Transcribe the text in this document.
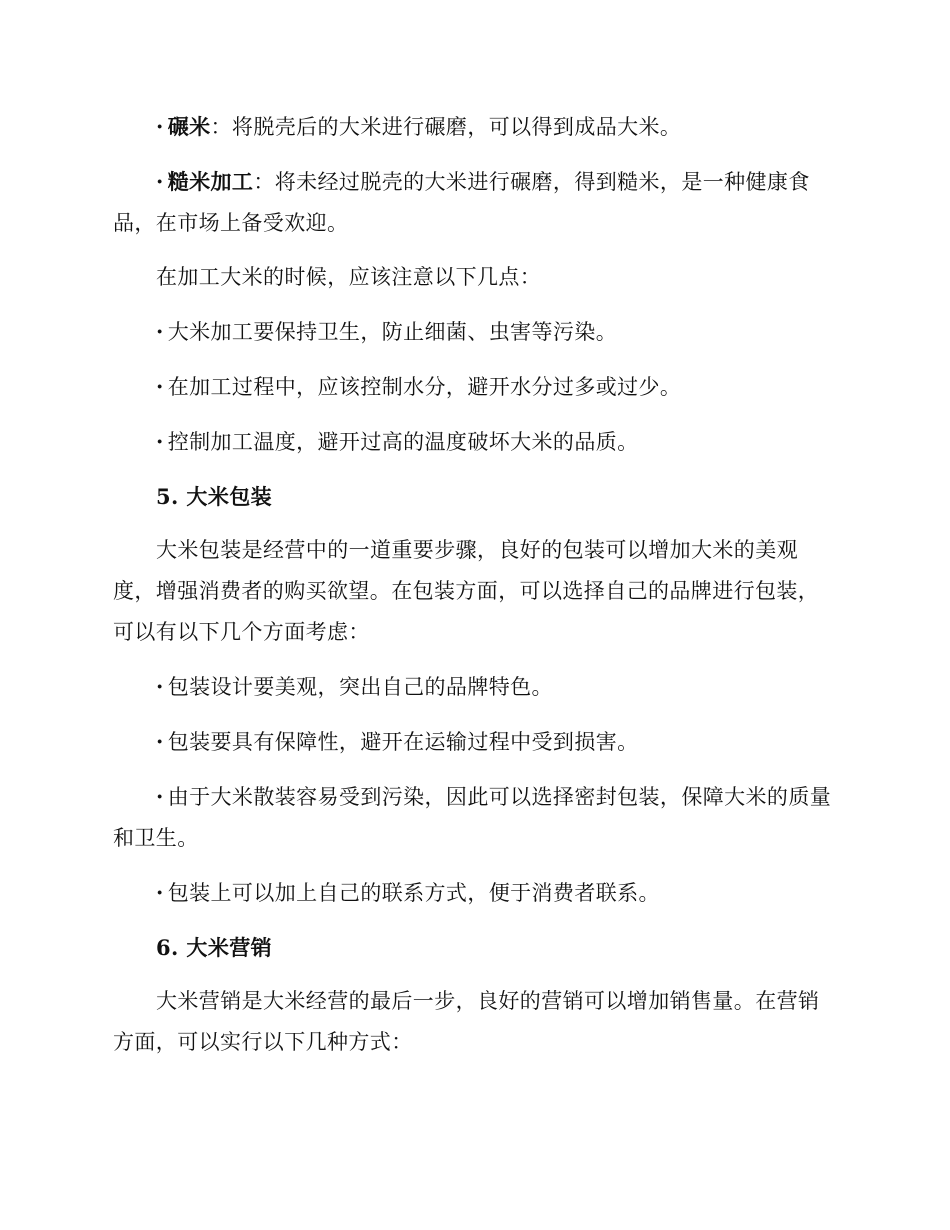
· 碾米：将脱壳后的大米进行碾磨，可以得到成品大米。

· 糙米加工：将未经过脱壳的大米进行碾磨，得到糙米，是一种健康食品，在市场上备受欢迎。

在加工大米的时候，应该注意以下几点：

· 大米加工要保持卫生，防止细菌、虫害等污染。

· 在加工过程中，应该控制水分，避开水分过多或过少。

· 控制加工温度，避开过高的温度破坏大米的品质。

5. 大米包装

大米包装是经营中的一道重要步骤，良好的包装可以增加大米的美观度，增强消费者的购买欲望。在包装方面，可以选择自己的品牌进行包装，可以有以下几个方面考虑：

· 包装设计要美观，突出自己的品牌特色。

· 包装要具有保障性，避开在运输过程中受到损害。

· 由于大米散装容易受到污染，因此可以选择密封包装，保障大米的质量和卫生。

· 包装上可以加上自己的联系方式，便于消费者联系。

6. 大米营销

大米营销是大米经营的最后一步，良好的营销可以增加销售量。在营销方面，可以实行以下几种方式：
